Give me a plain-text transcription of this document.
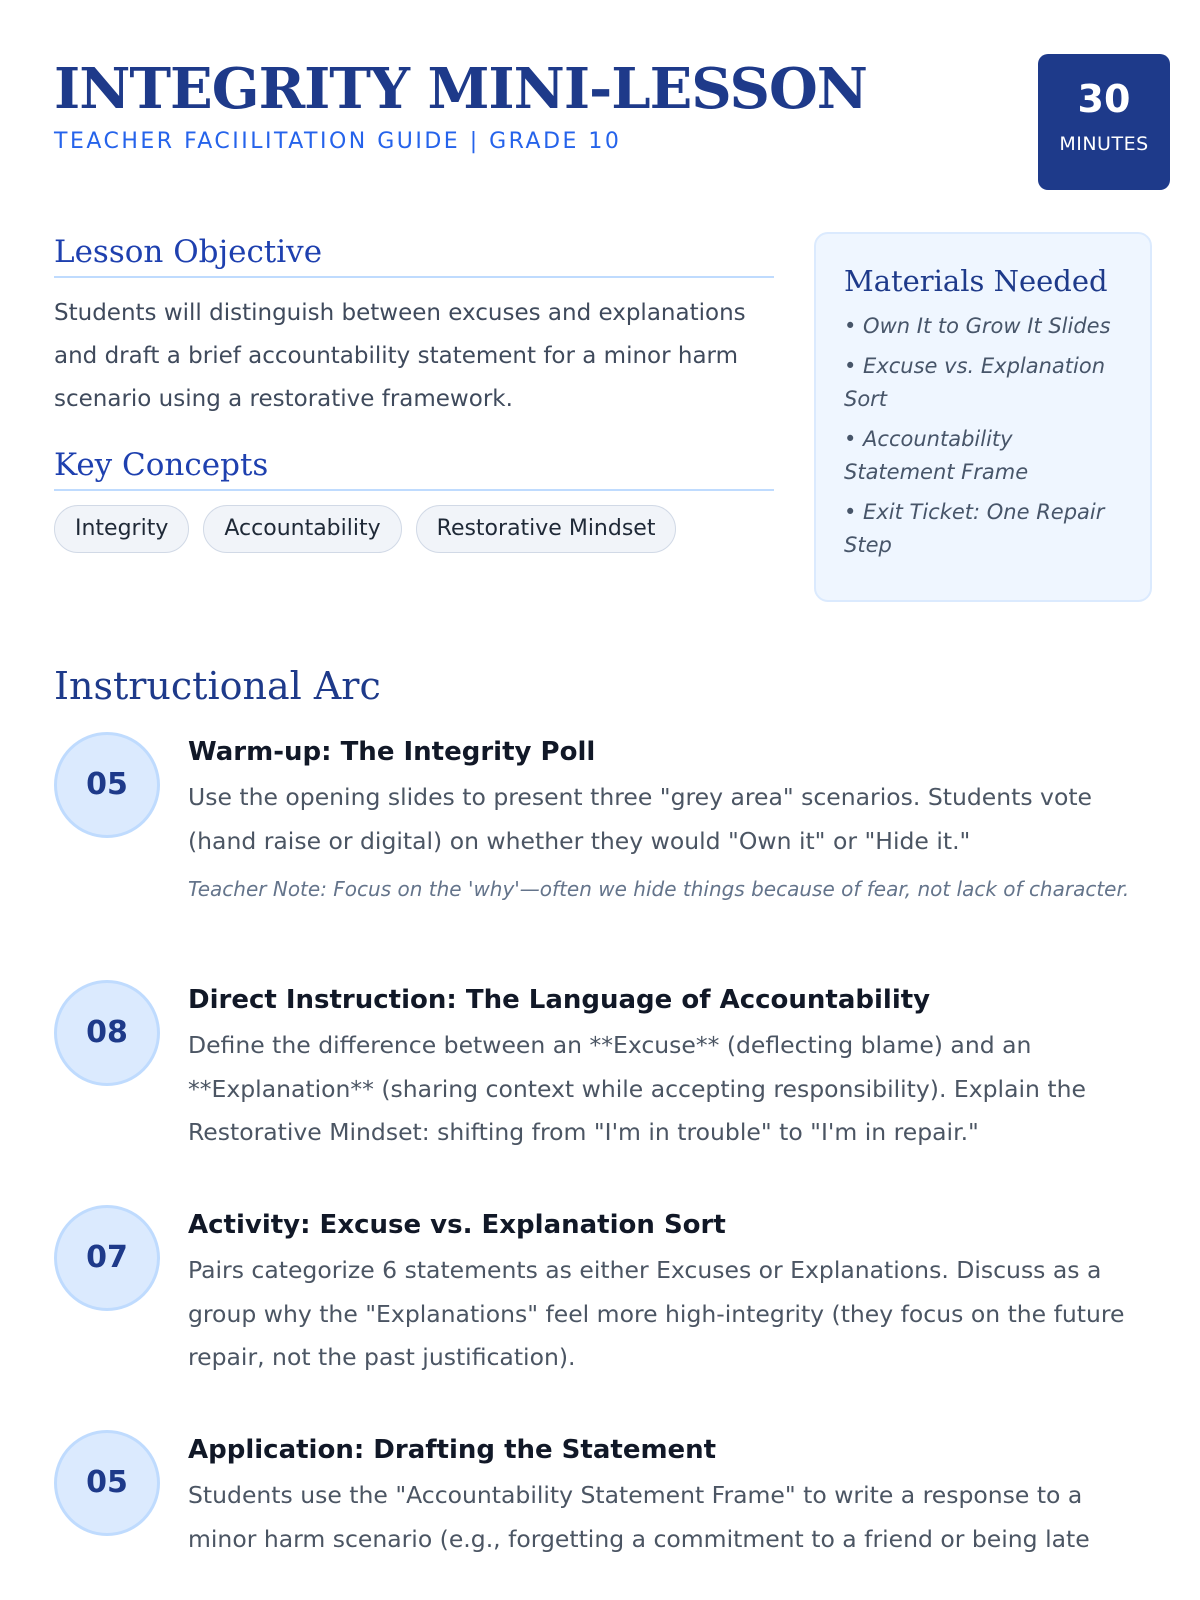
INTEGRITY MINI-LESSON
TEACHER FACIILITATION GUIDE | GRADE 10
30
MINUTES
Lesson Objective

Students will distinguish between excuses and explanations and draft a brief accountability statement for a minor harm scenario using a restorative framework.

Key Concepts
Integrity	Accountability	Restorative Mindset
Materials Needed
• Own It to Grow It Slides
• Excuse vs. Explanation Sort
• Accountability Statement Frame
• Exit Ticket: One Repair Step
Instructional Arc
05
Warm-up: The Integrity Poll

Use the opening slides to present three "grey area" scenarios. Students vote (hand raise or digital) on whether they would "Own it" or "Hide it."

Teacher Note: Focus on the 'why'—often we hide things because of fear, not lack of character.

08
Direct Instruction: The Language of Accountability

Define the difference between an **Excuse** (deflecting blame) and an **Explanation** (sharing context while accepting responsibility). Explain the Restorative Mindset: shifting from "I'm in trouble" to "I'm in repair."

07
Activity: Excuse vs. Explanation Sort

Pairs categorize 6 statements as either Excuses or Explanations. Discuss as a group why the "Explanations" feel more high-integrity (they focus on the future repair, not the past justification).

05
Application: Drafting the Statement

Students use the "Accountability Statement Frame" to write a response to a minor harm scenario (e.g., forgetting a commitment to a friend or being late
